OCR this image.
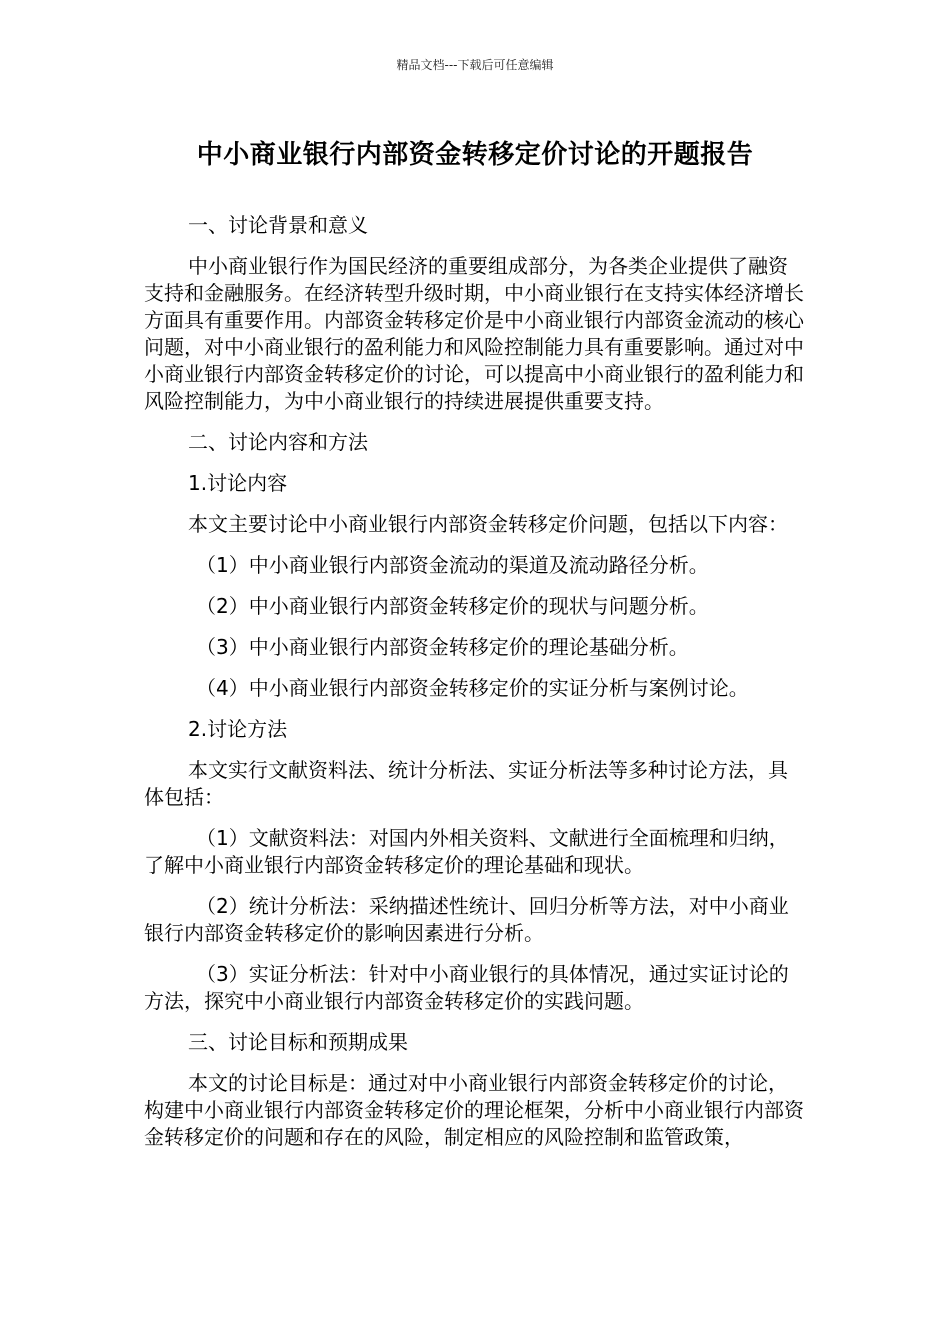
精品文档---下载后可任意编辑
中小商业银行内部资金转移定价讨论的开题报告

一、讨论背景和意义

中小商业银行作为国民经济的重要组成部分，为各类企业提供了融资支持和金融服务。在经济转型升级时期，中小商业银行在支持实体经济增长方面具有重要作用。内部资金转移定价是中小商业银行内部资金流动的核心问题，对中小商业银行的盈利能力和风险控制能力具有重要影响。通过对中小商业银行内部资金转移定价的讨论，可以提高中小商业银行的盈利能力和风险控制能力，为中小商业银行的持续进展提供重要支持。

二、讨论内容和方法

1.讨论内容

本文主要讨论中小商业银行内部资金转移定价问题，包括以下内容：

（1）中小商业银行内部资金流动的渠道及流动路径分析。

（2）中小商业银行内部资金转移定价的现状与问题分析。

（3）中小商业银行内部资金转移定价的理论基础分析。

（4）中小商业银行内部资金转移定价的实证分析与案例讨论。

2.讨论方法

本文实行文献资料法、统计分析法、实证分析法等多种讨论方法，具体包括：

（1）文献资料法：对国内外相关资料、文献进行全面梳理和归纳，了解中小商业银行内部资金转移定价的理论基础和现状。

（2）统计分析法：采纳描述性统计、回归分析等方法，对中小商业银行内部资金转移定价的影响因素进行分析。

（3）实证分析法：针对中小商业银行的具体情况，通过实证讨论的方法，探究中小商业银行内部资金转移定价的实践问题。

三、讨论目标和预期成果

本文的讨论目标是：通过对中小商业银行内部资金转移定价的讨论，构建中小商业银行内部资金转移定价的理论框架，分析中小商业银行内部资金转移定价的问题和存在的风险，制定相应的风险控制和监管政策，
